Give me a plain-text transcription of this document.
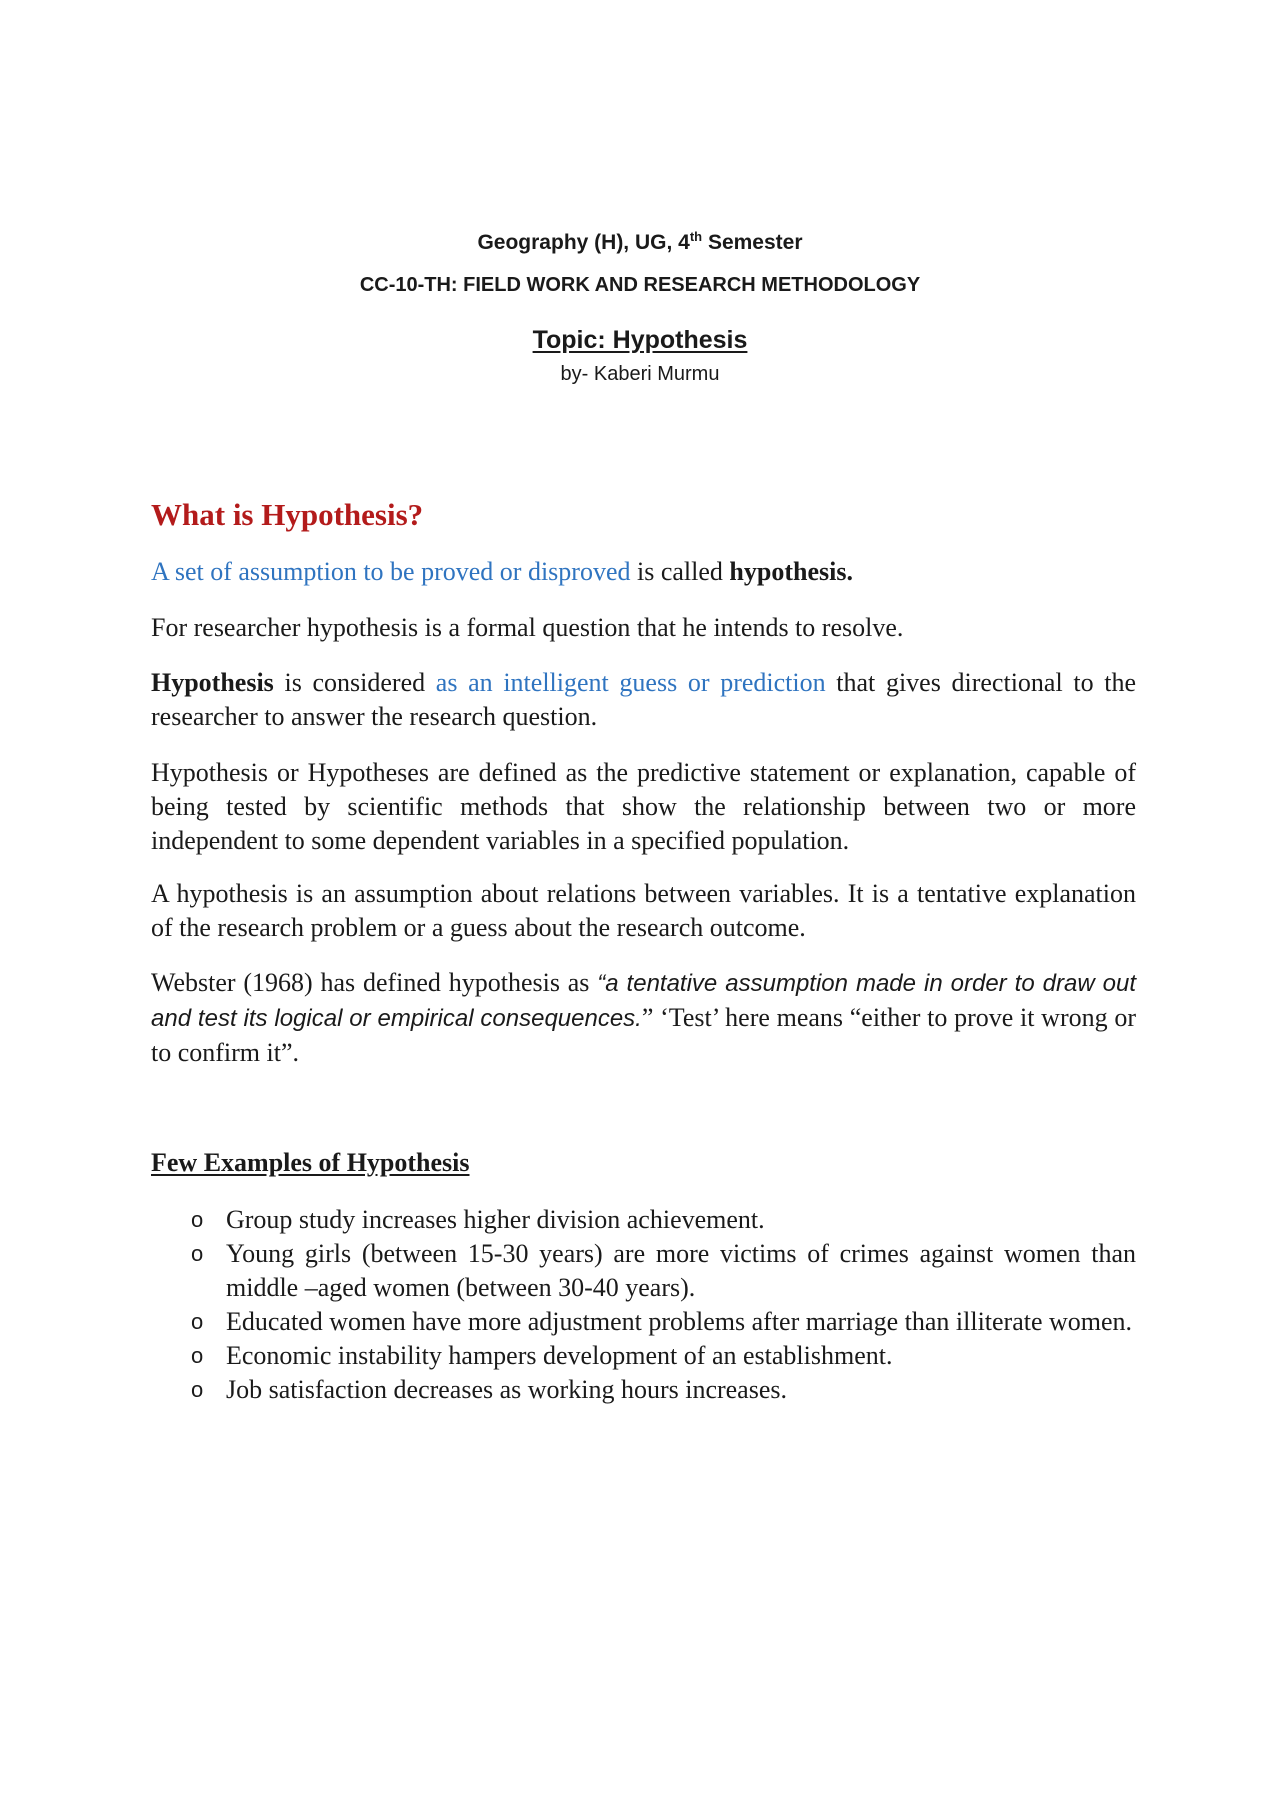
Geography (H), UG, 4th Semester
CC-10-TH: FIELD WORK AND RESEARCH METHODOLOGY
Topic: Hypothesis
by- Kaberi Murmu
What is Hypothesis?

A set of assumption to be proved or disproved is called hypothesis.

For researcher hypothesis is a formal question that he intends to resolve.

Hypothesis is considered as an intelligent guess or prediction that gives directional to the researcher to answer the research question.

Hypothesis or Hypotheses are defined as the predictive statement or explanation, capable of being tested by scientific methods that show the relationship between two or more independent to some dependent variables in a specified population.

A hypothesis is an assumption about relations between variables. It is a tentative explanation of the research problem or a guess about the research outcome.

Webster (1968) has defined hypothesis as “a tentative assumption made in order to draw out and test its logical or empirical consequences.” ‘Test’ here means “either to prove it wrong or to confirm it”.

Few Examples of Hypothesis
o Group study increases higher division achievement.
o Young girls (between 15-30 years) are more victims of crimes against women than middle –aged women (between 30-40 years).
o Educated women have more adjustment problems after marriage than illiterate women.
o Economic instability hampers development of an establishment.
o Job satisfaction decreases as working hours increases.
